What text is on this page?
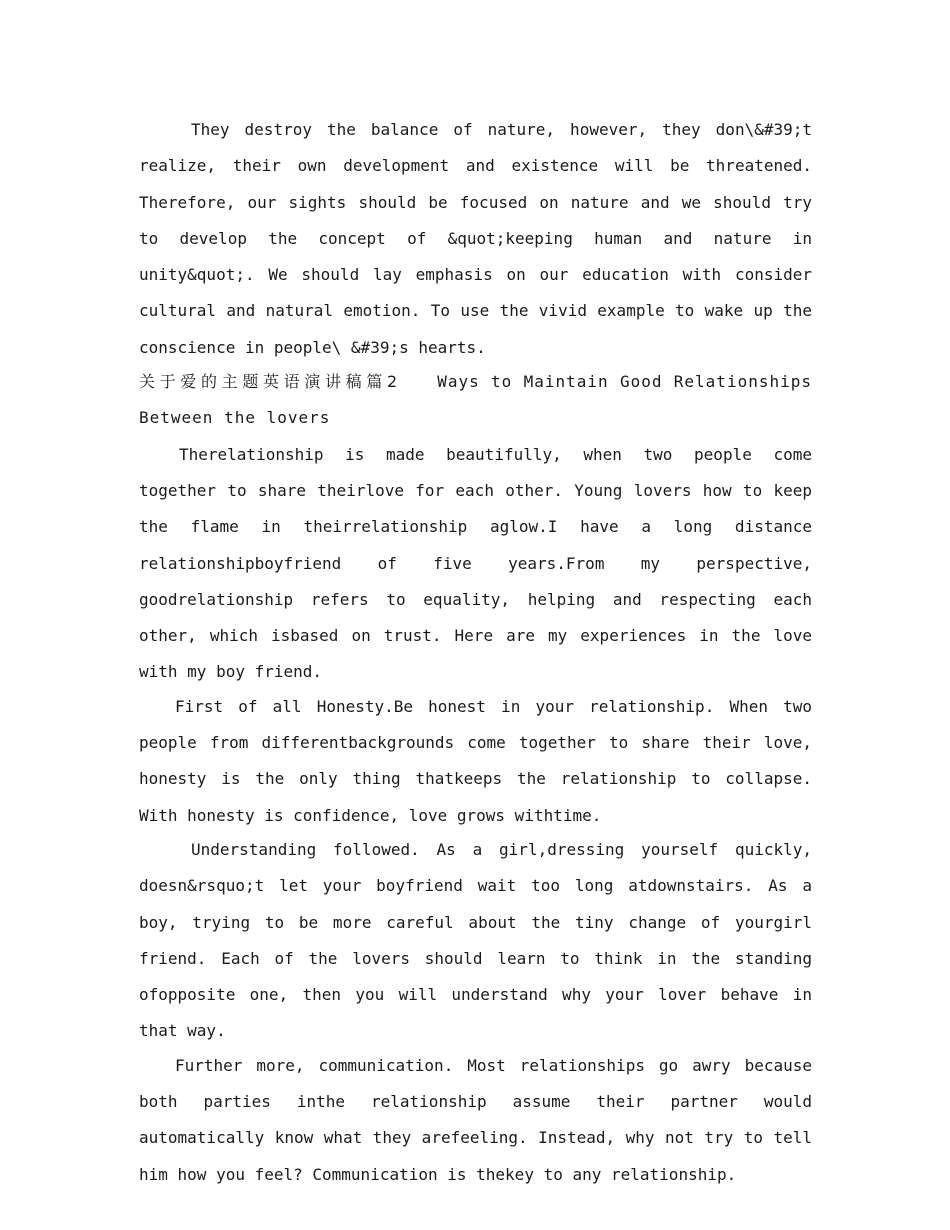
They destroy the balance of nature, however, they don\&#39;t realize, their own development and existence will be threatened. Therefore, our sights should be focused on nature and we should try to develop the concept of &quot;keeping human and nature in unity&quot;. We should lay emphasis on our education with consider cultural and natural emotion. To use the vivid example to wake up the conscience in people\ &#39;s hearts.

关于爱的主题英语演讲稿篇2 Ways to Maintain Good Relationships Between the lovers

Therelationship is made beautifully, when two people come together to share theirlove for each other. Young lovers how to keep the flame in theirrelationship aglow.I have a long distance relationshipboyfriend of five years.From my perspective, goodrelationship refers to equality, helping and respecting each other, which isbased on trust. Here are my experiences in the love with my boy friend.

First of all Honesty.Be honest in your relationship. When two people from differentbackgrounds come together to share their love, honesty is the only thing thatkeeps the relationship to collapse. With honesty is confidence, love grows withtime.

Understanding followed. As a girl,dressing yourself quickly, doesn&rsquo;t let your boyfriend wait too long atdownstairs. As a boy, trying to be more careful about the tiny change of yourgirl friend. Each of the lovers should learn to think in the standing ofopposite one, then you will understand why your lover behave in that way.

Further more, communication. Most relationships go awry because both parties inthe relationship assume their partner would automatically know what they arefeeling. Instead, why not try to tell him how you feel? Communication is thekey to any relationship.
